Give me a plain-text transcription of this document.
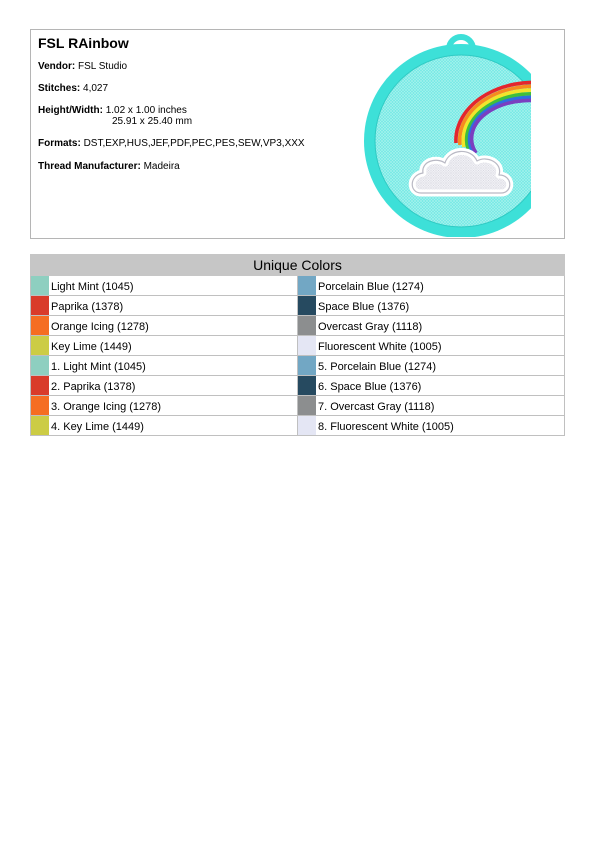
FSL RAinbow
Vendor: FSL Studio
Stitches: 4,027
Height/Width: 1.02 x 1.00 inches
25.91 x 25.40 mm
Formats: DST,EXP,HUS,JEF,PDF,PEC,PES,SEW,VP3,XXX
Thread Manufacturer: Madeira
Unique Colors
Light Mint (1045)	Porcelain Blue (1274)
Paprika (1378)	Space Blue (1376)
Orange Icing (1278)	Overcast Gray (1118)
Key Lime (1449)	Fluorescent White (1005)
1. Light Mint (1045)	5. Porcelain Blue (1274)
2. Paprika (1378)	6. Space Blue (1376)
3. Orange Icing (1278)	7. Overcast Gray (1118)
4. Key Lime (1449)	8. Fluorescent White (1005)
